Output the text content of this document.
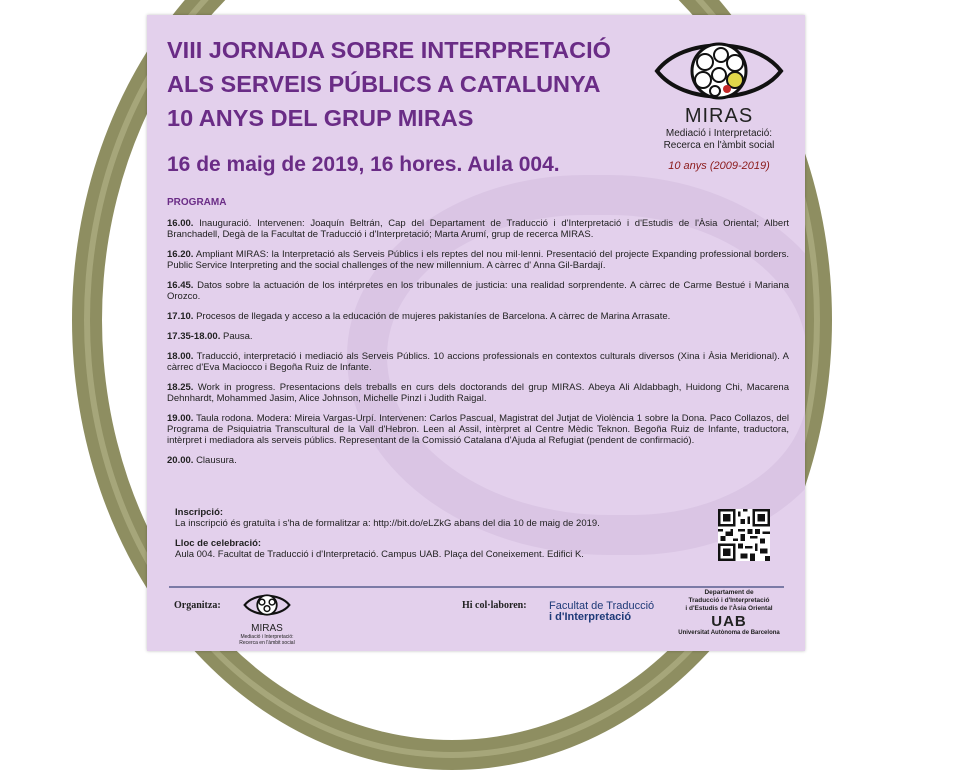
VIII JORNADA SOBRE INTERPRETACIÓ
ALS SERVEIS PÚBLICS A CATALUNYA
10 ANYS DEL GRUP MIRAS
16 de maig de 2019, 16 hores. Aula 004.
MIRAS
Mediació i Interpretació:
Recerca en l'àmbit social
10 anys (2009-2019)
PROGRAMA
16.00. Inauguració. Intervenen: Joaquín Beltrán, Cap del Departament de Traducció i d'Interpretació i d'Estudis de l'Àsia Oriental; Albert Branchadell, Degà de la Facultat de Traducció i d'Interpretació; Marta Arumí, grup de recerca MIRAS.
16.20. Ampliant MIRAS: la Interpretació als Serveis Públics i els reptes del nou mil·lenni. Presentació del projecte Expanding professional borders. Public Service Interpreting and the social challenges of the new millennium. A càrrec d' Anna Gil-Bardají.
16.45. Datos sobre la actuación de los intérpretes en los tribunales de justicia: una realidad sorprendente. A càrrec de Carme Bestué i Mariana Orozco.
17.10. Procesos de llegada y acceso a la educación de mujeres pakistaníes de Barcelona. A càrrec de Marina Arrasate.
17.35-18.00. Pausa.
18.00. Traducció, interpretació i mediació als Serveis Públics. 10 accions professionals en contextos culturals diversos (Xina i Àsia Meridional). A càrrec d'Eva Maciocco i Begoña Ruiz de Infante.
18.25. Work in progress. Presentacions dels treballs en curs dels doctorands del grup MIRAS. Abeya Ali Aldabbagh, Huidong Chi, Macarena Dehnhardt, Mohammed Jasim, Alice Johnson, Michelle Pinzl i Judith Raigal.
19.00. Taula rodona. Modera: Mireia Vargas-Urpí. Intervenen: Carlos Pascual, Magistrat del Jutjat de Violència 1 sobre la Dona. Paco Collazos, del Programa de Psiquiatria Transcultural de la Vall d'Hebron. Leen al Assil, intèrpret al Centre Mèdic Teknon. Begoña Ruiz de Infante, traductora, intèrpret i mediadora als serveis públics. Representant de la Comissió Catalana d'Ajuda al Refugiat (pendent de confirmació).
20.00. Clausura.
Inscripció:
La inscripció és gratuïta i s'ha de formalitzar a: http://bit.do/eLZkG abans del dia 10 de maig de 2019.
Lloc de celebració:
Aula 004. Facultat de Traducció i d'Interpretació. Campus UAB. Plaça del Coneixement. Edifici K.
Organitza:
MIRAS
Mediació i Interpretació:
Recerca en l'àmbit social
Hi col·laboren: Facultat de Traducció
i d'Interpretació
Departament de
Traducció i d'Interpretació
i d'Estudis de l'Àsia Oriental
UAB
Universitat Autònoma de Barcelona
